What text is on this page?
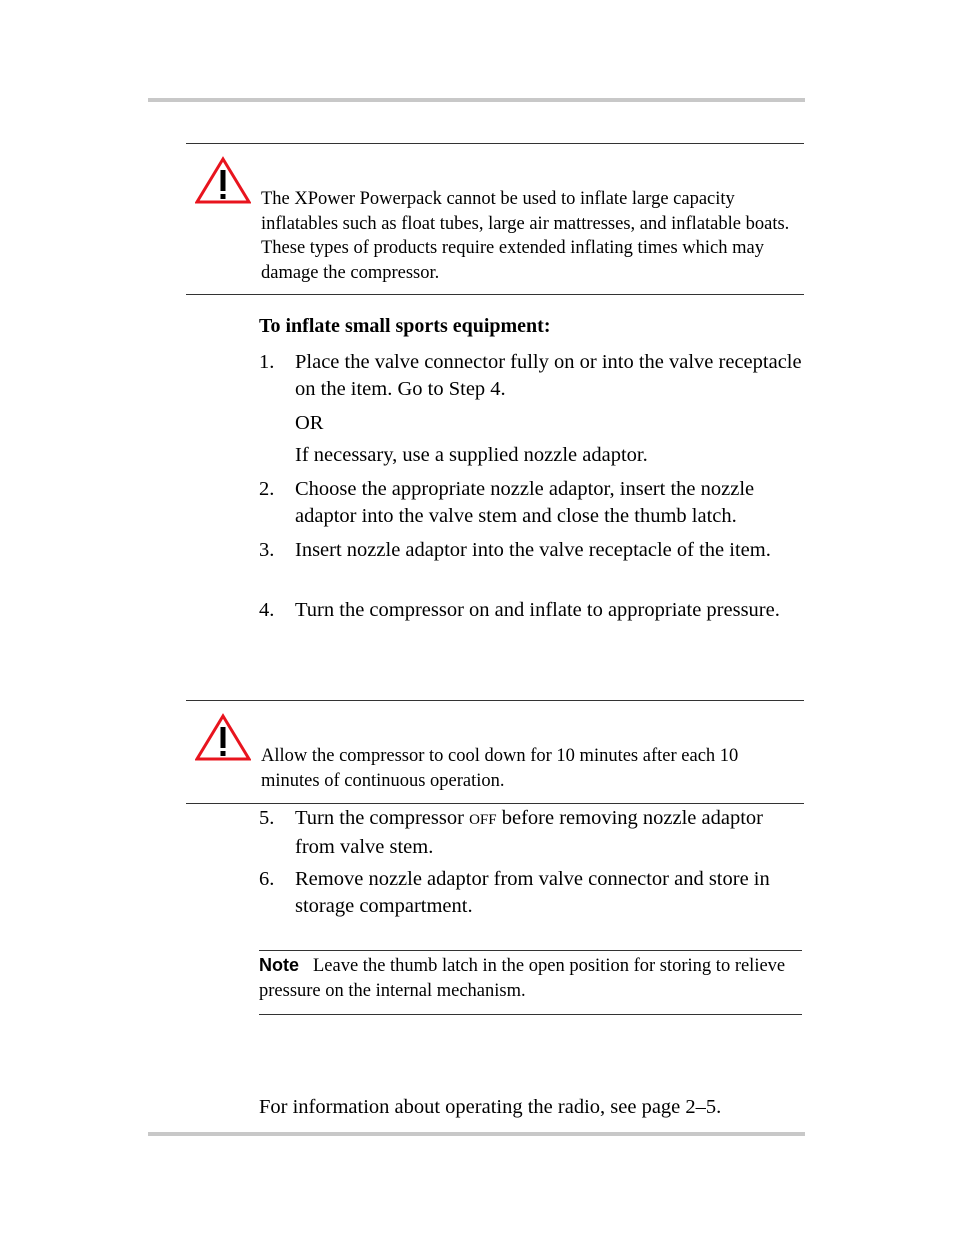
The XPower Powerpack cannot be used to inflate large capacity inflatables such as float tubes, large air mattresses, and inflatable boats. These types of products require extended inflating times which may damage the compressor.
To inflate small sports equipment:
1. Place the valve connector fully on or into the valve receptacle on the item. Go to Step 4.
OR
If necessary, use a supplied nozzle adaptor.
2. Choose the appropriate nozzle adaptor, insert the nozzle adaptor into the valve stem and close the thumb latch.
3. Insert nozzle adaptor into the valve receptacle of the item.
4. Turn the compressor on and inflate to appropriate pressure.
Allow the compressor to cool down for 10 minutes after each 10 minutes of continuous operation.
5. Turn the compressor OFF before removing nozzle adaptor from valve stem.
6. Remove nozzle adaptor from valve connector and store in storage compartment.
Note Leave the thumb latch in the open position for storing to relieve pressure on the internal mechanism.
For information about operating the radio, see page 2–5.
